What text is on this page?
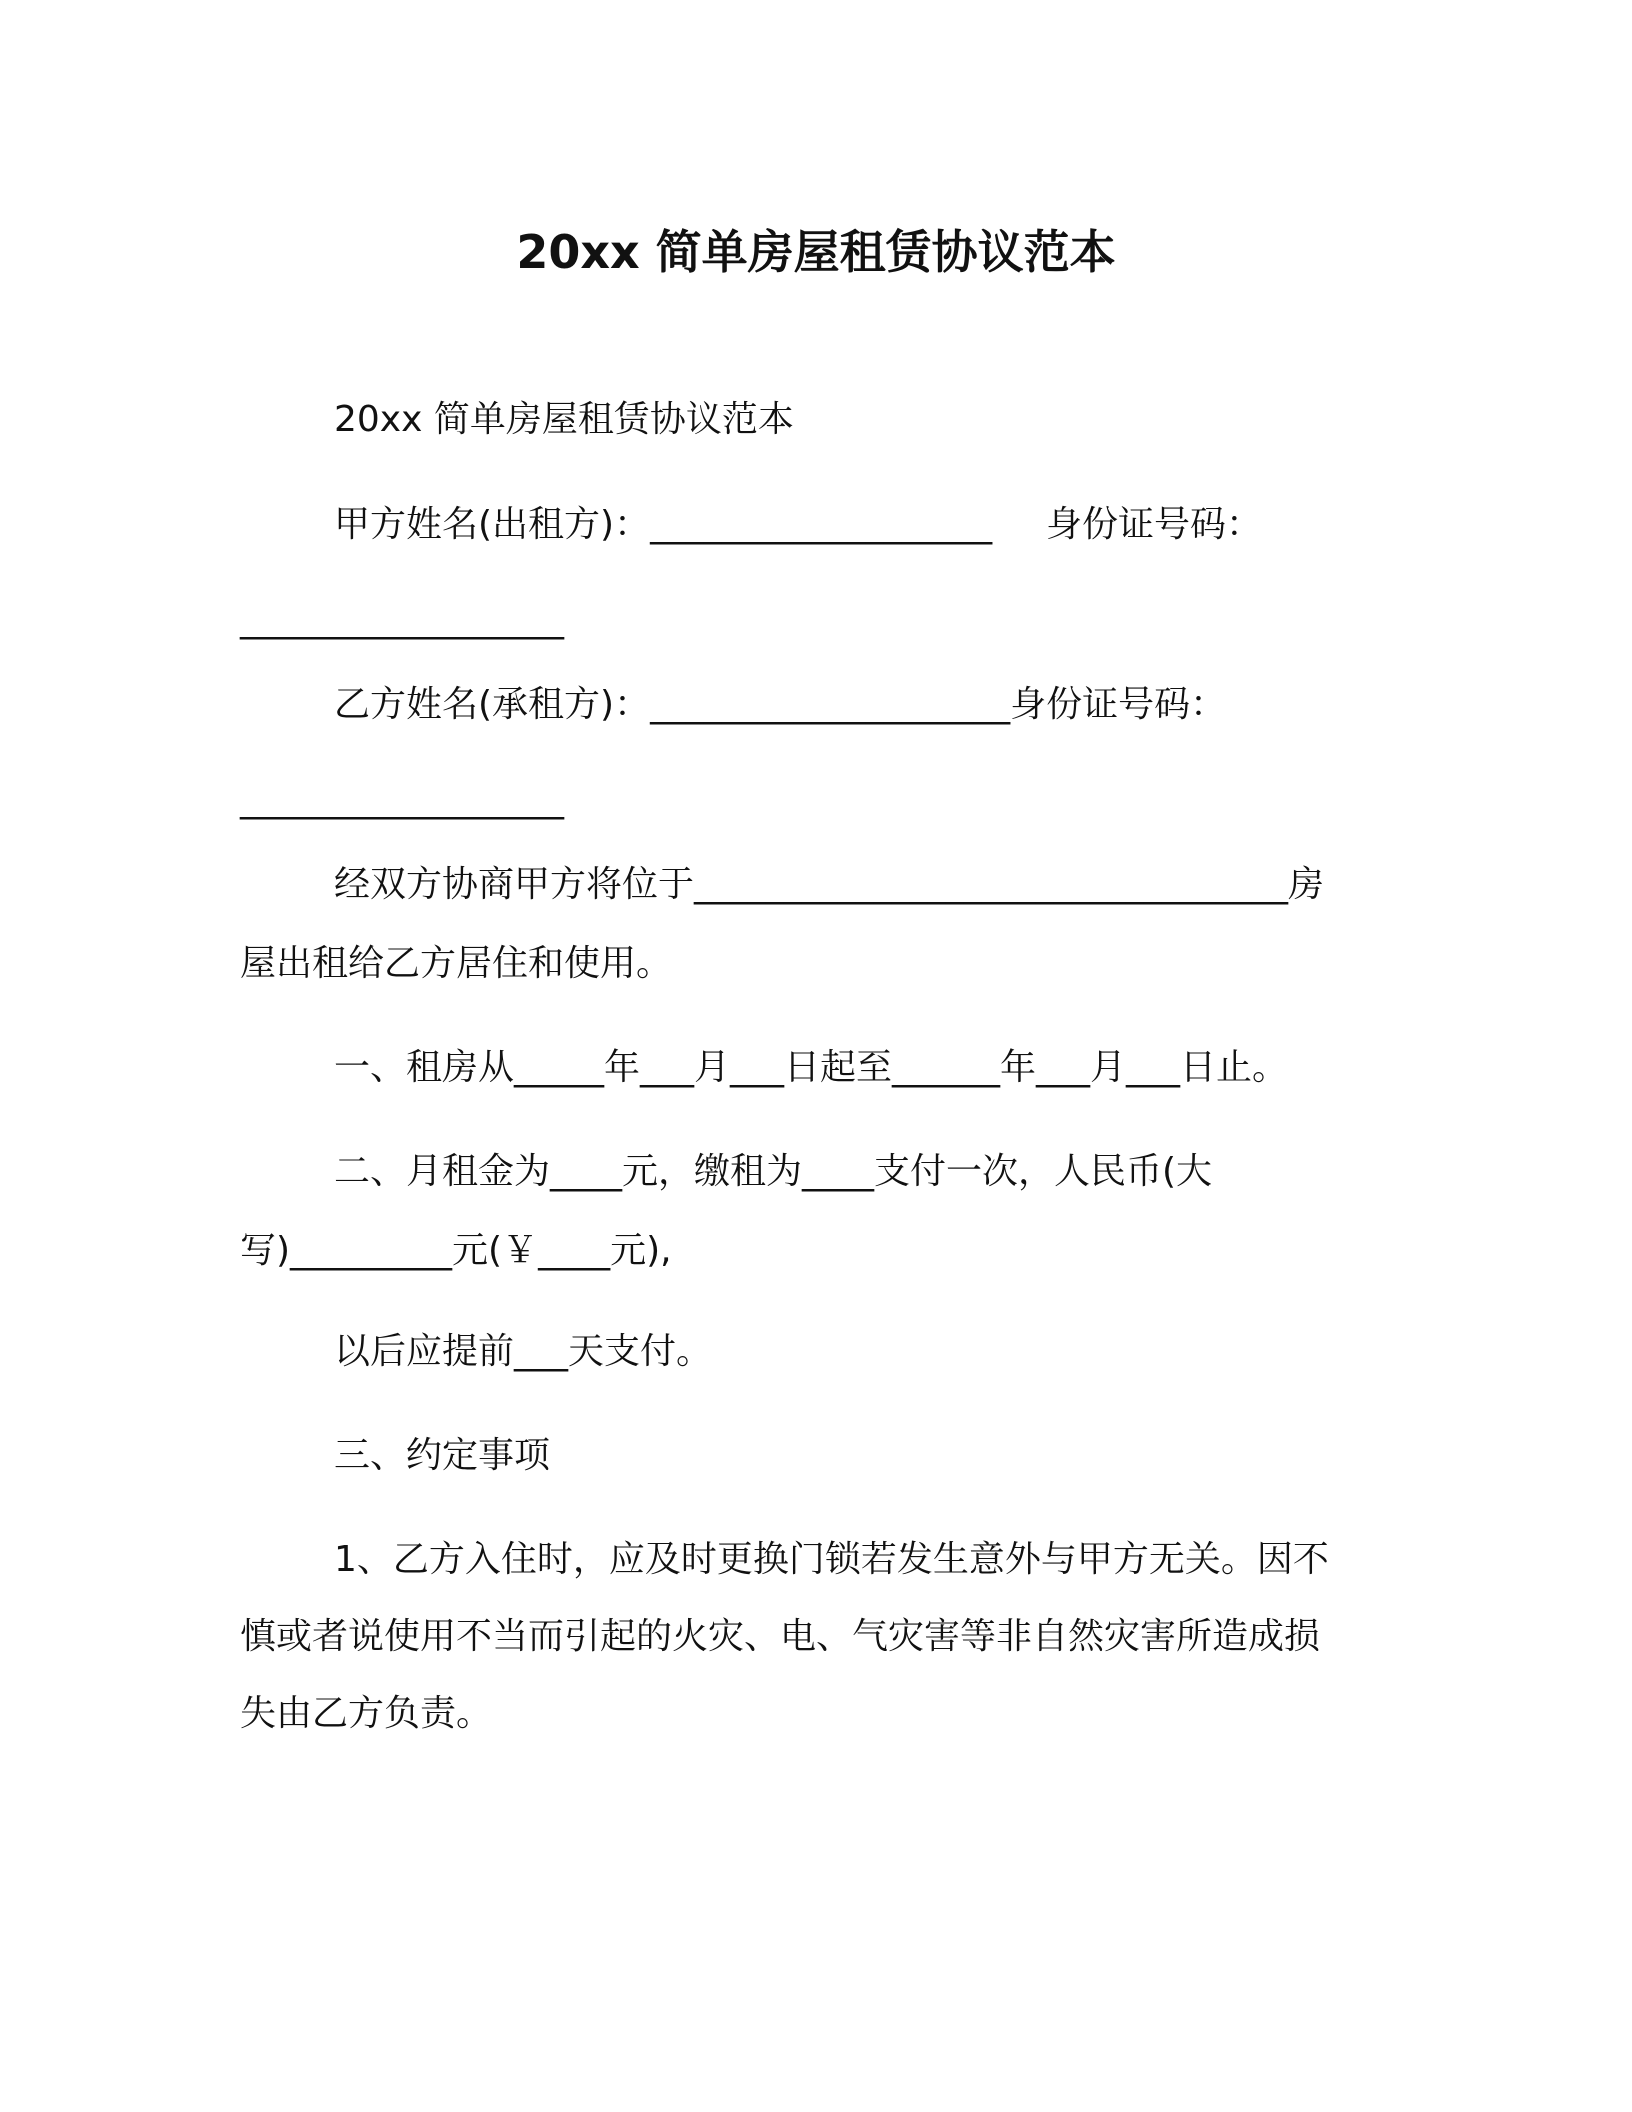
20xx 简单房屋租赁协议范本
20xx 简单房屋租赁协议范本
甲方姓名(出租方)：___________________ 身份证号码：
__________________
乙方姓名(承租方)：____________________身份证号码：
__________________
经双方协商甲方将位于_________________________________房
屋出租给乙方居住和使用。
一、租房从_____年___月___日起至______年___月___日止。
二、月租金为____元，缴租为____支付一次，人民币(大
写)_________元(￥____元),
以后应提前___天支付。
三、约定事项
1、乙方入住时，应及时更换门锁若发生意外与甲方无关。因不
慎或者说使用不当而引起的火灾、电、气灾害等非自然灾害所造成损
失由乙方负责。
